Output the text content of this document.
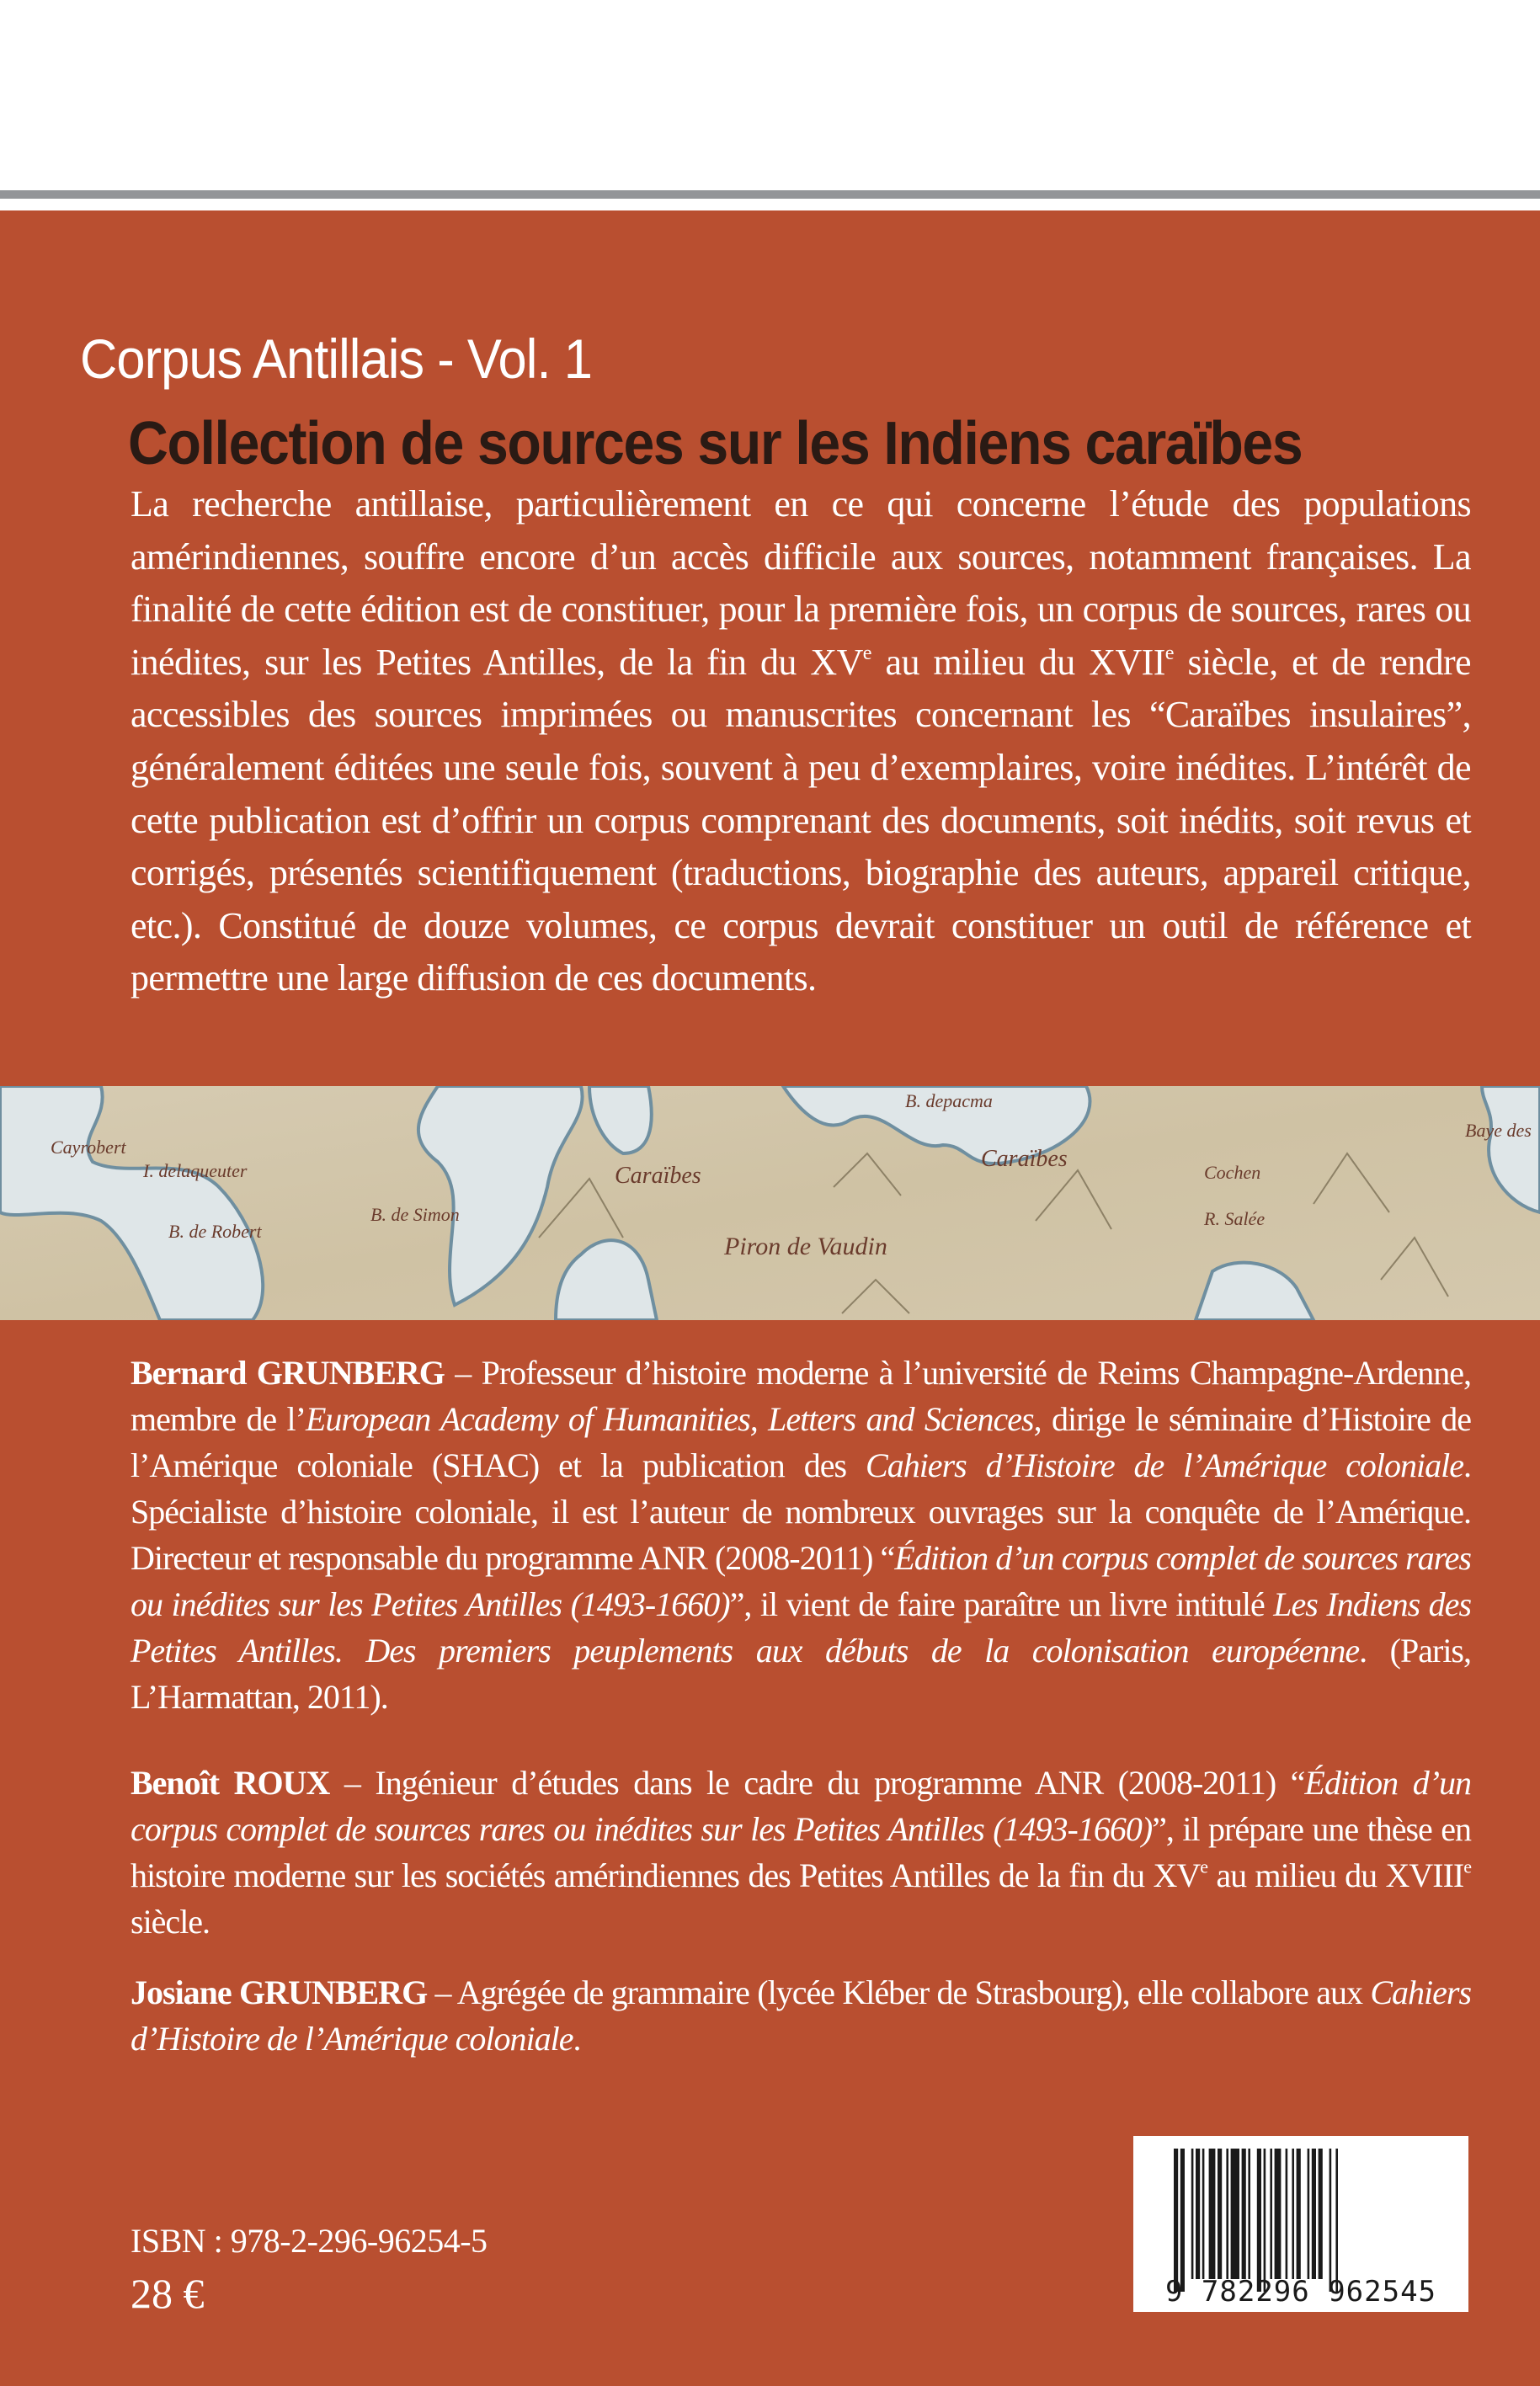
Corpus Antillais - Vol. 1
Collection de sources sur les Indiens caraïbes

La recherche antillaise, particulièrement en ce qui concerne l’étude des populations amérindiennes, souffre encore d’un accès difficile aux sources, notamment françaises. La finalité de cette édition est de constituer, pour la première fois, un corpus de sources, rares ou inédites, sur les Petites Antilles, de la fin du XVe au milieu du XVIIe siècle, et de rendre accessibles des sources imprimées ou manuscrites concernant les “Caraïbes insulaires”, généralement éditées une seule fois, souvent à peu d’exemplaires, voire inédites. L’intérêt de cette publication est d’offrir un corpus comprenant des documents, soit inédits, soit revus et corrigés, présentés scientifiquement (traductions, biographie des auteurs, appareil critique, etc.). Constitué de douze volumes, ce corpus devrait constituer un outil de référence et permettre une large diffusion de ces documents.

Cayrobert
I. delaqueuter
B. de Robert
B. de Simon
Caraïbes
B. depacma
Caraïbes
Piron de Vaudin
Cochen
R. Salée
Baye des

Bernard GRUNBERG – Professeur d’histoire moderne à l’université de Reims Champagne-Ardenne, membre de l’European Academy of Humanities, Letters and Sciences, dirige le séminaire d’Histoire de l’Amérique coloniale (SHAC) et la publication des Cahiers d’Histoire de l’Amérique coloniale. Spécialiste d’histoire coloniale, il est l’auteur de nombreux ouvrages sur la conquête de l’Amérique. Directeur et responsable du programme ANR (2008-2011) “Édition d’un corpus complet de sources rares ou inédites sur les Petites Antilles (1493-1660)”, il vient de faire paraître un livre intitulé Les Indiens des Petites Antilles. Des premiers peuplements aux débuts de la colonisation européenne. (Paris, L’Harmattan, 2011).

Benoît ROUX – Ingénieur d’études dans le cadre du programme ANR (2008-2011) “Édition d’un corpus complet de sources rares ou inédites sur les Petites Antilles (1493-1660)”, il prépare une thèse en histoire moderne sur les sociétés amérindiennes des Petites Antilles de la fin du XVe au milieu du XVIIIe siècle.

Josiane GRUNBERG – Agrégée de grammaire (lycée Kléber de Strasbourg), elle collabore aux Cahiers d’Histoire de l’Amérique coloniale.

ISBN : 978-2-296-96254-5
28 €	9 782296 962545
